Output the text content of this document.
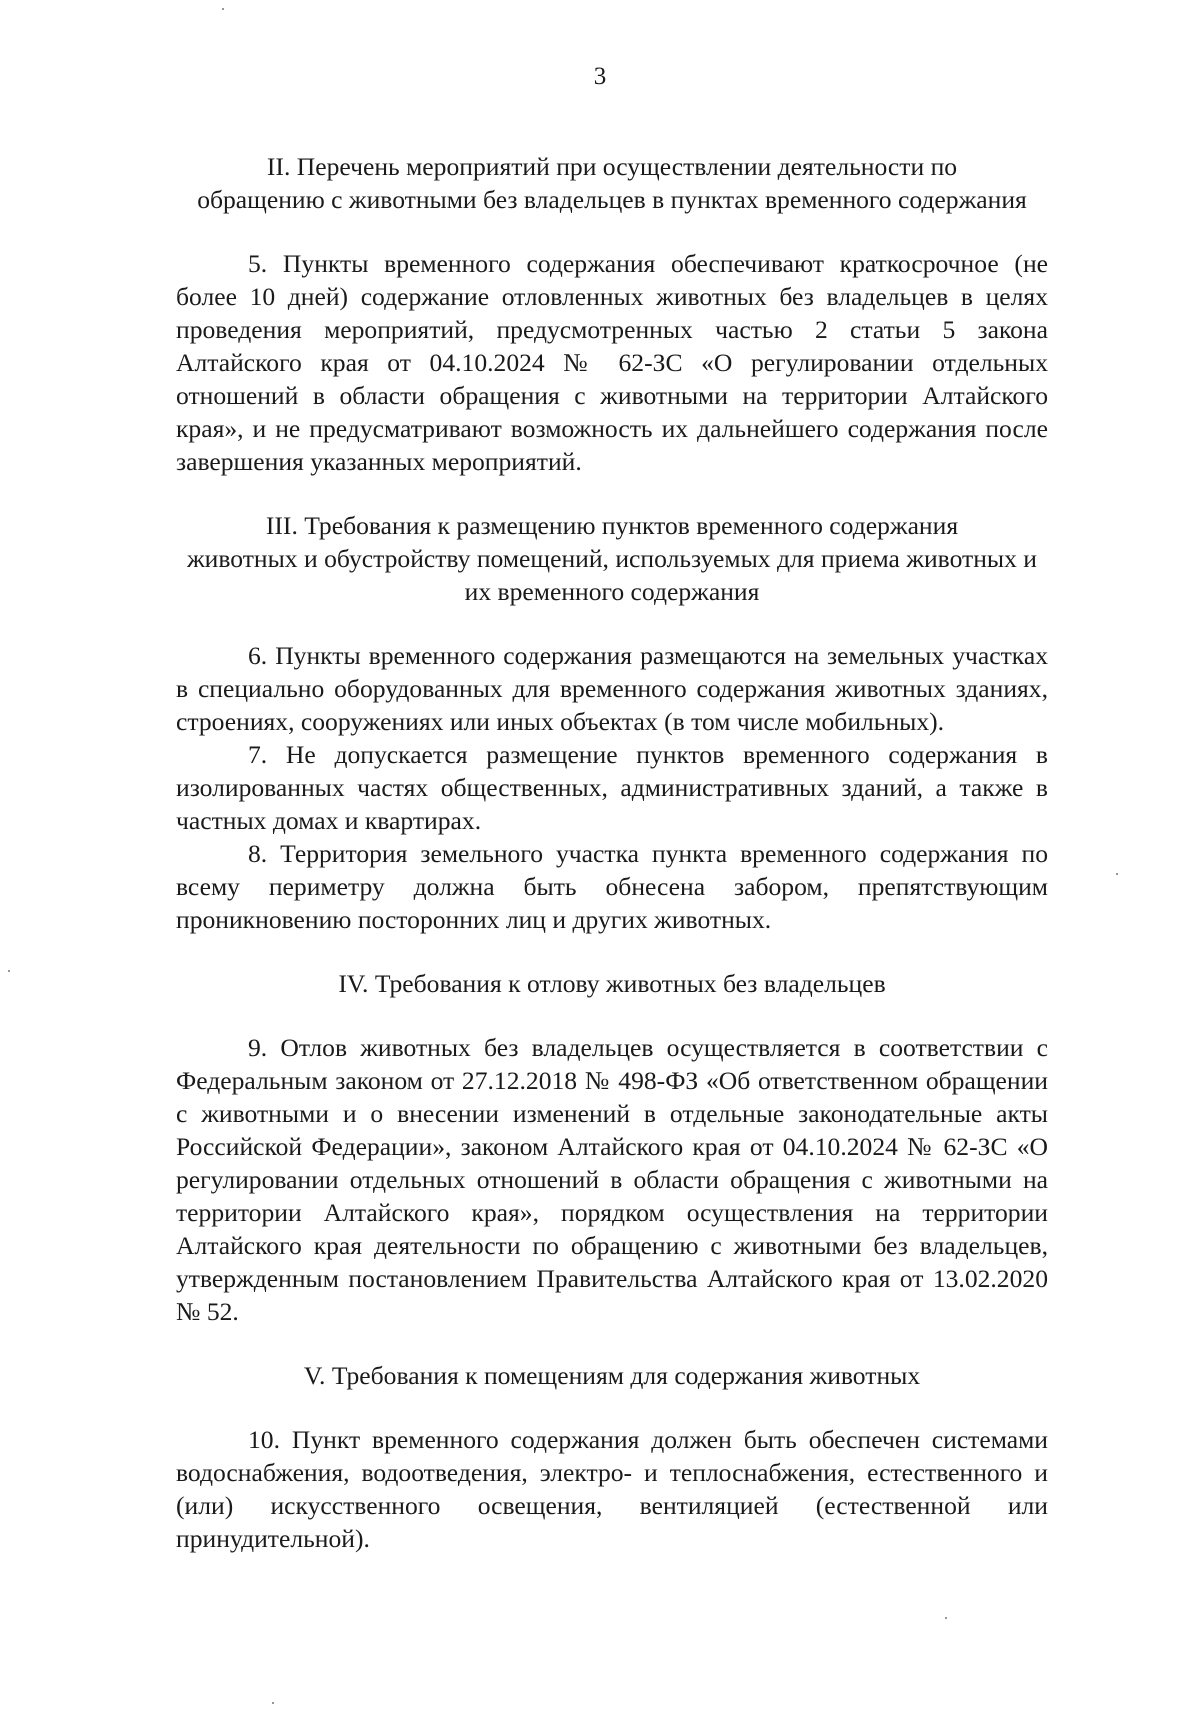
3
II. Перечень мероприятий при осуществлении деятельности по
обращению с животными без владельцев в пунктах временного содержания

5. Пункты временного содержания обеспечивают краткосрочное (не более 10 дней) содержание отловленных животных без владельцев в целях проведения мероприятий, предусмотренных частью 2 статьи 5 закона Алтайского края от 04.10.2024 № 62-ЗС «О регулировании отдельных отношений в области обращения с животными на территории Алтайского края», и не предусматривают возможность их дальнейшего содержания после завершения указанных мероприятий.

III. Требования к размещению пунктов временного содержания
животных и обустройству помещений, используемых для приема животных и
их временного содержания

6. Пункты временного содержания размещаются на земельных участках в специально оборудованных для временного содержания животных зданиях, строениях, сооружениях или иных объектах (в том числе мобильных).

7. Не допускается размещение пунктов временного содержания в изолированных частях общественных, административных зданий, а также в частных домах и квартирах.

8. Территория земельного участка пункта временного содержания по всему периметру должна быть обнесена забором, препятствующим проникновению посторонних лиц и других животных.

IV. Требования к отлову животных без владельцев

9. Отлов животных без владельцев осуществляется в соответствии с Федеральным законом от 27.12.2018 № 498-ФЗ «Об ответственном обращении с животными и о внесении изменений в отдельные законодательные акты Российской Федерации», законом Алтайского края от 04.10.2024 № 62-ЗС «О регулировании отдельных отношений в области обращения с животными на территории Алтайского края», порядком осуществления на территории Алтайского края деятельности по обращению с животными без владельцев, утвержденным постановлением Правительства Алтайского края от 13.02.2020 № 52.

V. Требования к помещениям для содержания животных

10. Пункт временного содержания должен быть обеспечен системами водоснабжения, водоотведения, электро- и теплоснабжения, естественного и (или) искусственного освещения, вентиляцией (естественной или принудительной).
